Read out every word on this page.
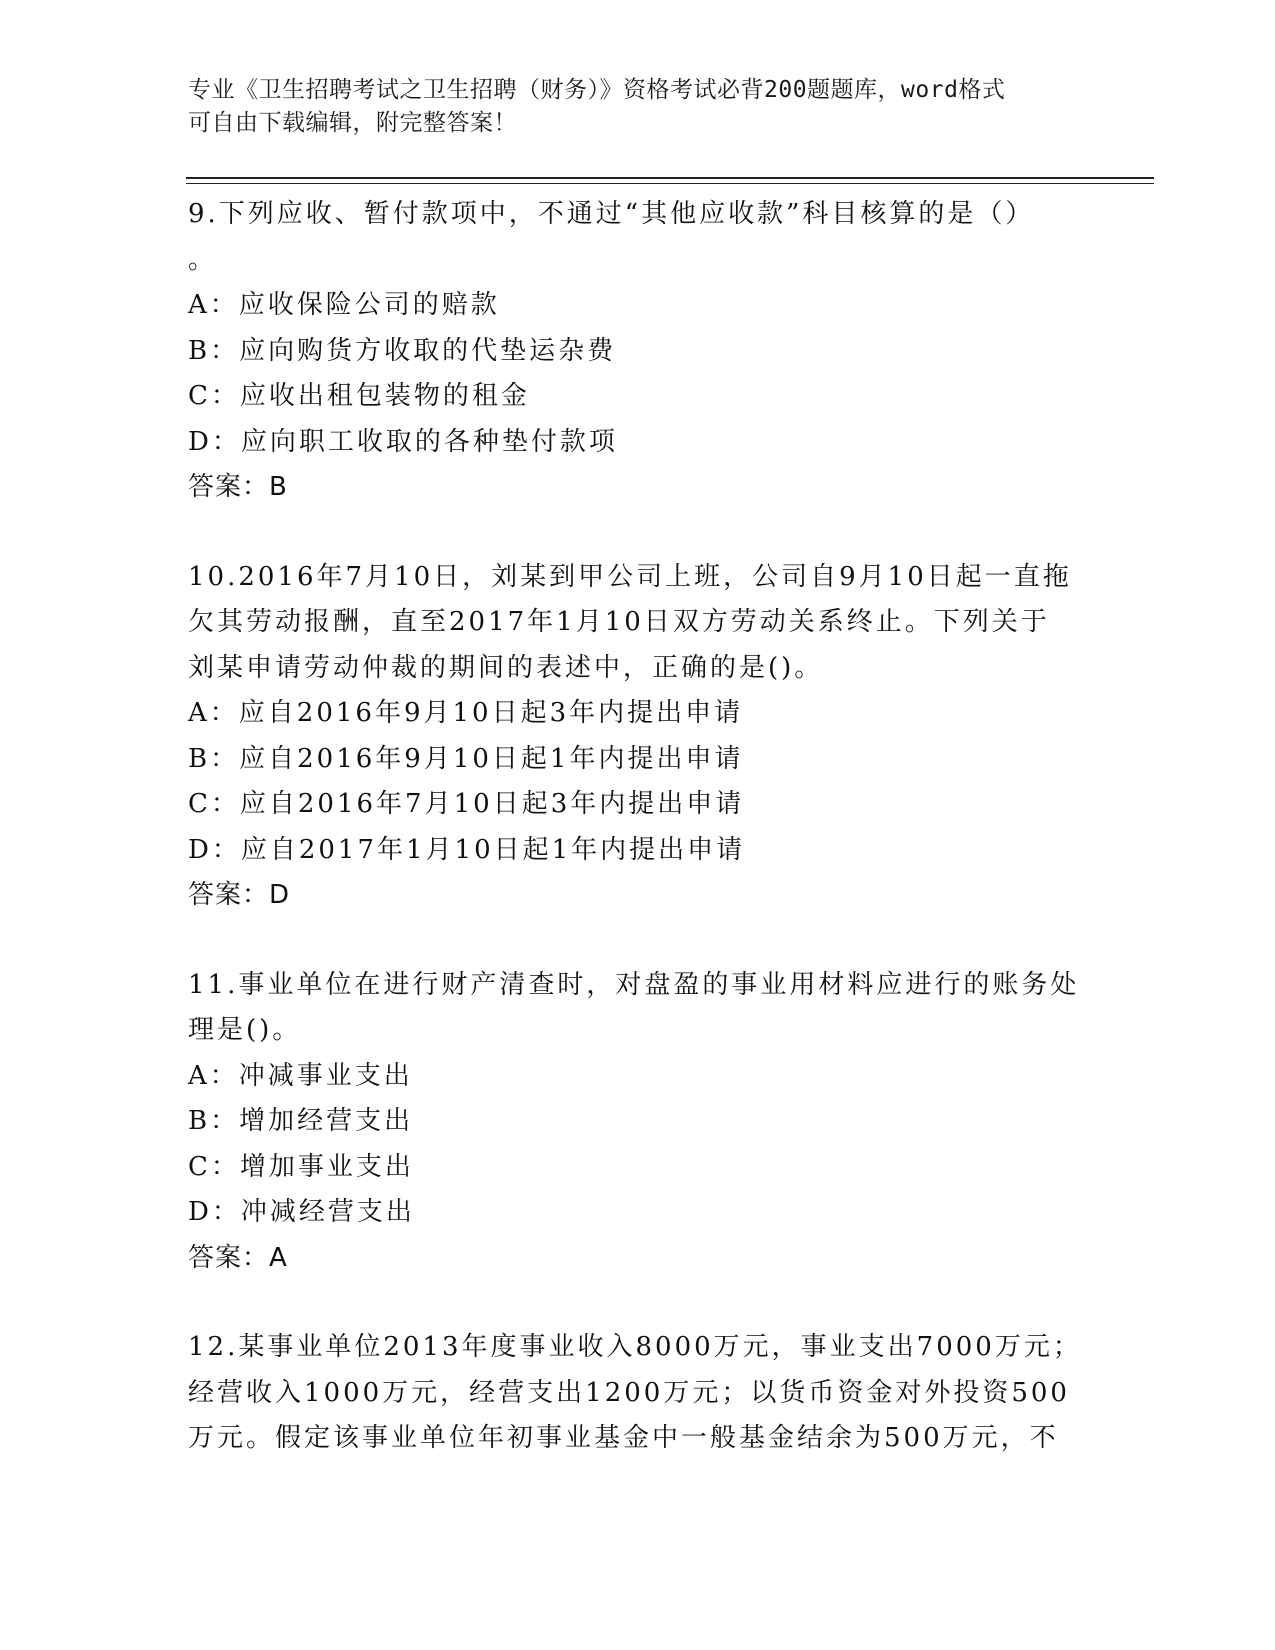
专业《卫生招聘考试之卫生招聘（财务）》资格考试必背200题题库，word格式
可自由下载编辑，附完整答案！
9.下列应收、暂付款项中，不通过“其他应收款”科目核算的是（）
。
A：应收保险公司的赔款
B：应向购货方收取的代垫运杂费
C：应收出租包装物的租金
D：应向职工收取的各种垫付款项
答案：B
10.2016年7月10日，刘某到甲公司上班，公司自9月10日起一直拖
欠其劳动报酬，直至2017年1月10日双方劳动关系终止。下列关于
刘某申请劳动仲裁的期间的表述中，正确的是()。
A：应自2016年9月10日起3年内提出申请
B：应自2016年9月10日起1年内提出申请
C：应自2016年7月10日起3年内提出申请
D：应自2017年1月10日起1年内提出申请
答案：D
11.事业单位在进行财产清查时，对盘盈的事业用材料应进行的账务处
理是()。
A：冲减事业支出
B：增加经营支出
C：增加事业支出
D：冲减经营支出
答案：A
12.某事业单位2013年度事业收入8000万元，事业支出7000万元；
经营收入1000万元，经营支出1200万元；以货币资金对外投资500
万元。假定该事业单位年初事业基金中一般基金结余为500万元，不
